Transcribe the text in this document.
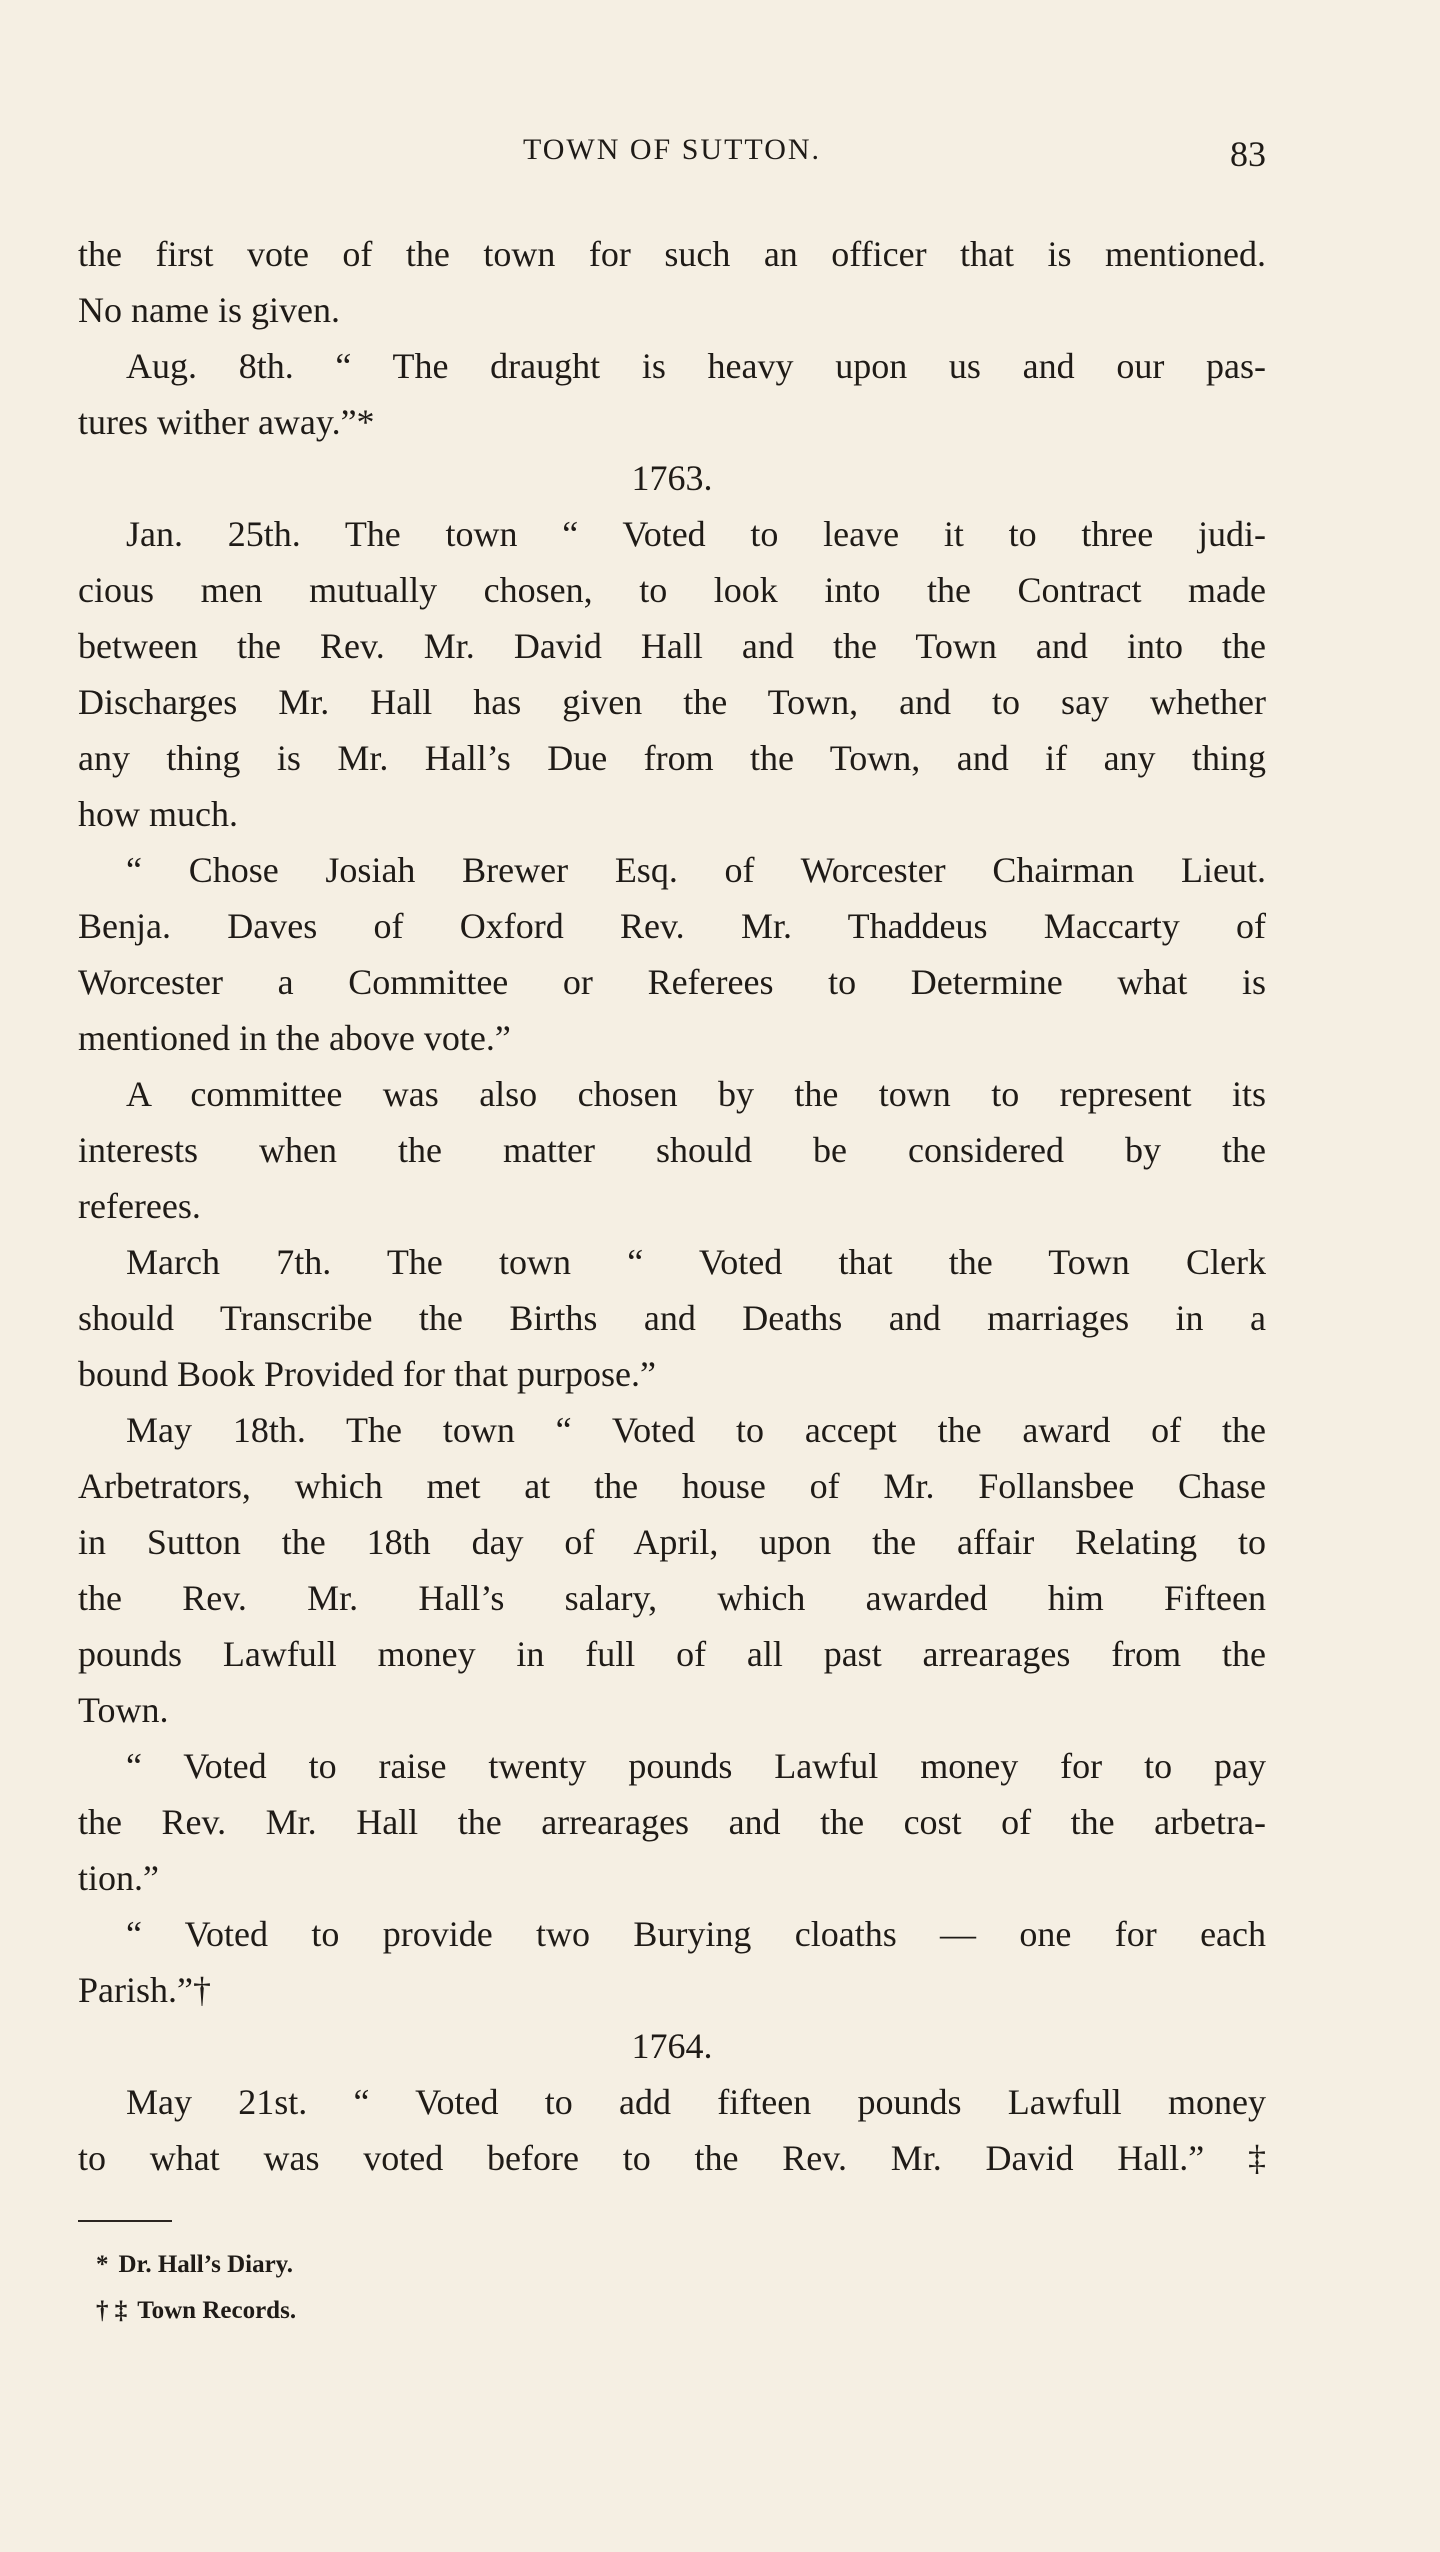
TOWN OF SUTTON.	83
the first vote of the town for such an officer that is mentioned.
No name is given.
Aug. 8th. “ The draught is heavy upon us and our pas-
tures wither away.”*
1763.
Jan. 25th. The town “ Voted to leave it to three judi-
cious men mutually chosen, to look into the Contract made
between the Rev. Mr. David Hall and the Town and into the
Discharges Mr. Hall has given the Town, and to say whether
any thing is Mr. Hall’s Due from the Town, and if any thing
how much.
“ Chose Josiah Brewer Esq. of Worcester Chairman Lieut.
Benja. Daves of Oxford Rev. Mr. Thaddeus Maccarty of
Worcester a Committee or Referees to Determine what is
mentioned in the above vote.”
A committee was also chosen by the town to represent its
interests when the matter should be considered by the
referees.
March 7th. The town “ Voted that the Town Clerk
should Transcribe the Births and Deaths and marriages in a
bound Book Provided for that purpose.”
May 18th. The town “ Voted to accept the award of the
Arbetrators, which met at the house of Mr. Follansbee Chase
in Sutton the 18th day of April, upon the affair Relating to
the Rev. Mr. Hall’s salary, which awarded him Fifteen
pounds Lawfull money in full of all past arrearages from the
Town.
“ Voted to raise twenty pounds Lawful money for to pay
the Rev. Mr. Hall the arrearages and the cost of the arbetra-
tion.”
“ Voted to provide two Burying cloaths — one for each
Parish.”†
1764.
May 21st. “ Voted to add fifteen pounds Lawfull money
to what was voted before to the Rev. Mr. David Hall.” ‡
* Dr. Hall’s Diary.
† ‡ Town Records.
